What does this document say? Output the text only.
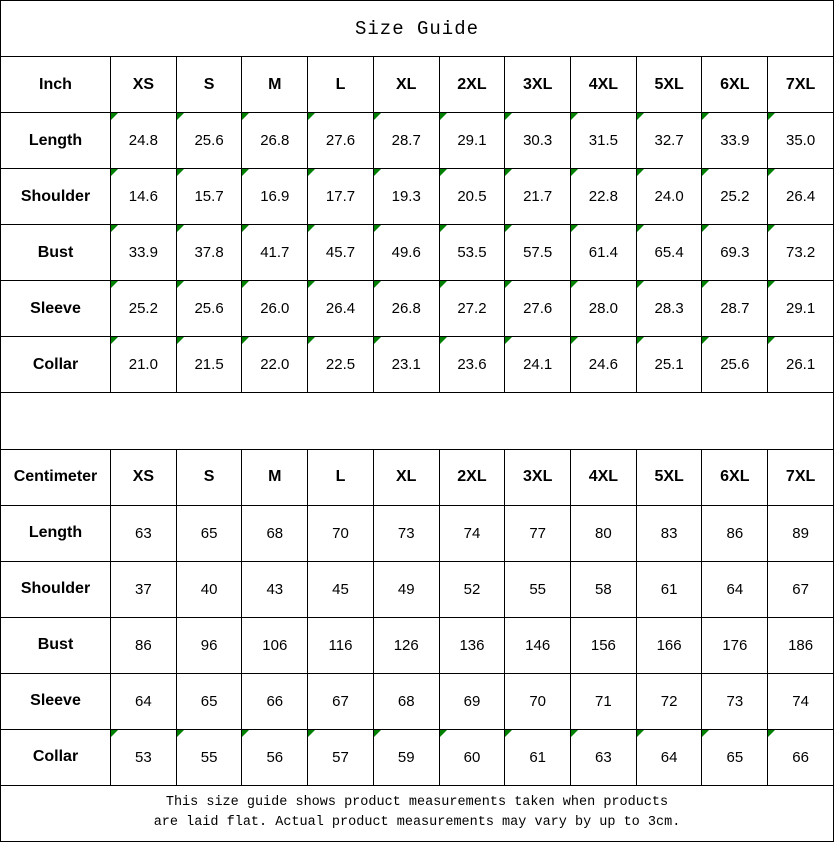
Size Guide											
Inch	XS	S	M	L	XL	2XL	3XL	4XL	5XL	6XL	7XL
Length	24.8	25.6	26.8	27.6	28.7	29.1	30.3	31.5	32.7	33.9	35.0
Shoulder	14.6	15.7	16.9	17.7	19.3	20.5	21.7	22.8	24.0	25.2	26.4
Bust	33.9	37.8	41.7	45.7	49.6	53.5	57.5	61.4	65.4	69.3	73.2
Sleeve	25.2	25.6	26.0	26.4	26.8	27.2	27.6	28.0	28.3	28.7	29.1
Collar	21.0	21.5	22.0	22.5	23.1	23.6	24.1	24.6	25.1	25.6	26.1

Centimeter	XS	S	M	L	XL	2XL	3XL	4XL	5XL	6XL	7XL
Length	63	65	68	70	73	74	77	80	83	86	89
Shoulder	37	40	43	45	49	52	55	58	61	64	67
Bust	86	96	106	116	126	136	146	156	166	176	186
Sleeve	64	65	66	67	68	69	70	71	72	73	74
Collar	53	55	56	57	59	60	61	63	64	65	66

This size guide shows product measurements taken when products
are laid flat. Actual product measurements may vary by up to 3cm.											
